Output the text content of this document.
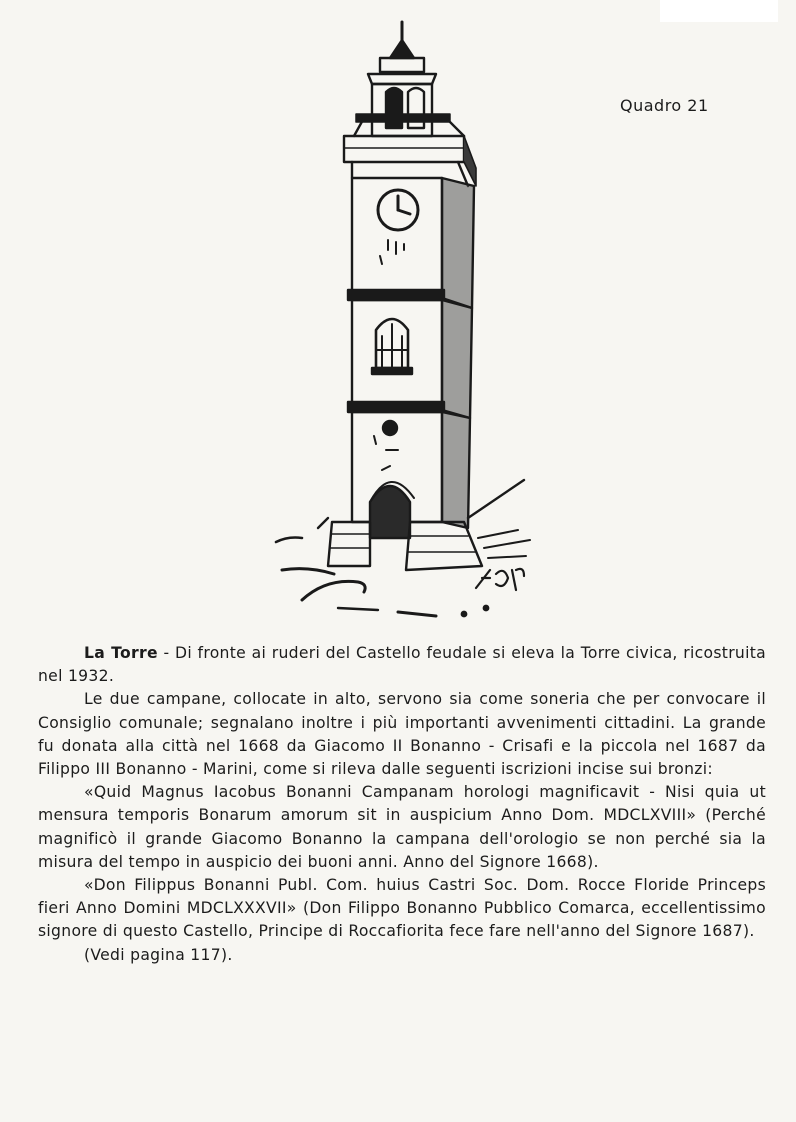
Quadro 21

La Torre - Di fronte ai ruderi del Castello feudale si eleva la Torre civica, ricostruita nel 1932.

Le due campane, collocate in alto, servono sia come soneria che per convocare il Consiglio comunale; segnalano inoltre i più importanti avvenimenti cittadini. La grande fu donata alla città nel 1668 da Giacomo II Bonanno - Crisafi e la piccola nel 1687 da Filippo III Bonanno - Marini, come si rileva dalle seguenti iscrizioni incise sui bronzi:

«Quid Magnus Iacobus Bonanni Campanam horologi magnificavit - Nisi quia ut mensura temporis Bonarum amorum sit in auspicium Anno Dom. MDCLXVIII» (Perché magnificò il grande Giacomo Bonanno la campana dell'orologio se non perché sia la misura del tempo in auspicio dei buoni anni. Anno del Signore 1668).

«Don Filippus Bonanni Publ. Com. huius Castri Soc. Dom. Rocce Floride Princeps fieri Anno Domini MDCLXXXVII» (Don Filippo Bonanno Pubblico Comarca, eccellentissimo signore di questo Castello, Principe di Roccafiorita fece fare nell'anno del Signore 1687).

(Vedi pagina 117).
